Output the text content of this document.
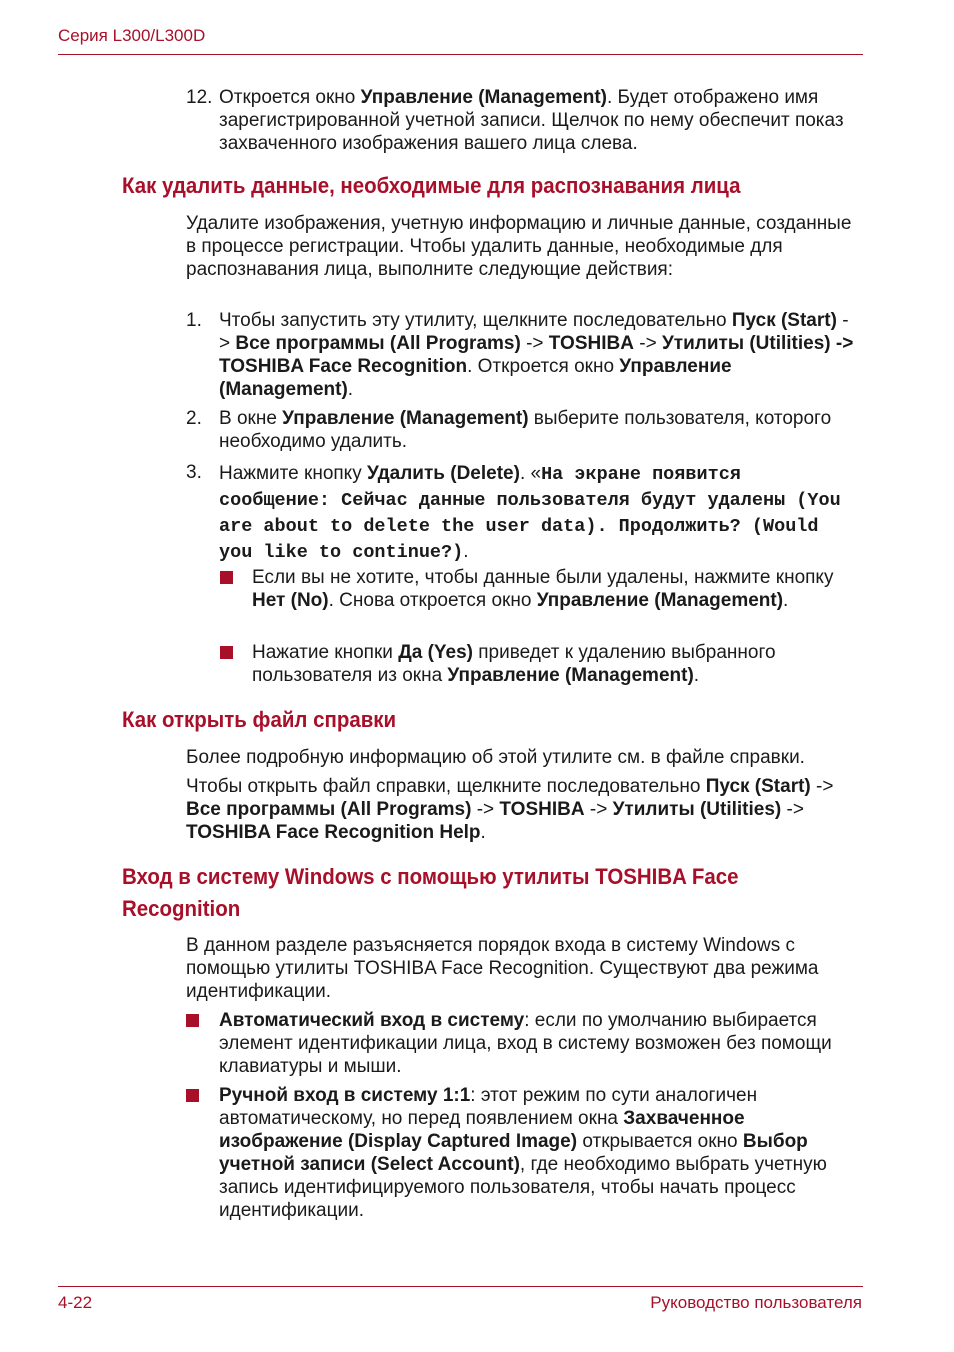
Серия L300/L300D
12. Откроется окно Управление (Management). Будет отображено имя зарегистрированной учетной записи. Щелчок по нему обеспечит показ захваченного изображения вашего лица слева.
Как удалить данные, необходимые для распознавания лица
Удалите изображения, учетную информацию и личные данные, созданные в процессе регистрации. Чтобы удалить данные, необходимые для распознавания лица, выполните следующие действия:
1. Чтобы запустить эту утилиту, щелкните последовательно Пуск (Start) -> Все программы (All Programs) -> TOSHIBA -> Утилиты (Utilities) -> TOSHIBA Face Recognition. Откроется окно Управление (Management).
2. В окне Управление (Management) выберите пользователя, которого необходимо удалить.
3. Нажмите кнопку Удалить (Delete). «На экране появится сообщение: Сейчас данные пользователя будут удалены (You are about to delete the user data). Продолжить? (Would you like to continue?).
Если вы не хотите, чтобы данные были удалены, нажмите кнопку Нет (No). Снова откроется окно Управление (Management).
Нажатие кнопки Да (Yes) приведет к удалению выбранного пользователя из окна Управление (Management).
Как открыть файл справки
Более подробную информацию об этой утилите см. в файле справки.
Чтобы открыть файл справки, щелкните последовательно Пуск (Start) -> Все программы (All Programs) -> TOSHIBA -> Утилиты (Utilities) -> TOSHIBA Face Recognition Help.
Вход в систему Windows с помощью утилиты TOSHIBA Face Recognition
В данном разделе разъясняется порядок входа в систему Windows с помощью утилиты TOSHIBA Face Recognition. Существуют два режима идентификации.
Автоматический вход в систему: если по умолчанию выбирается элемент идентификации лица, вход в систему возможен без помощи клавиатуры и мыши.
Ручной вход в систему 1:1: этот режим по сути аналогичен автоматическому, но перед появлением окна Захваченное изображение (Display Captured Image) открывается окно Выбор учетной записи (Select Account), где необходимо выбрать учетную запись идентифицируемого пользователя, чтобы начать процесс идентификации.
4-22	Руководство пользователя
